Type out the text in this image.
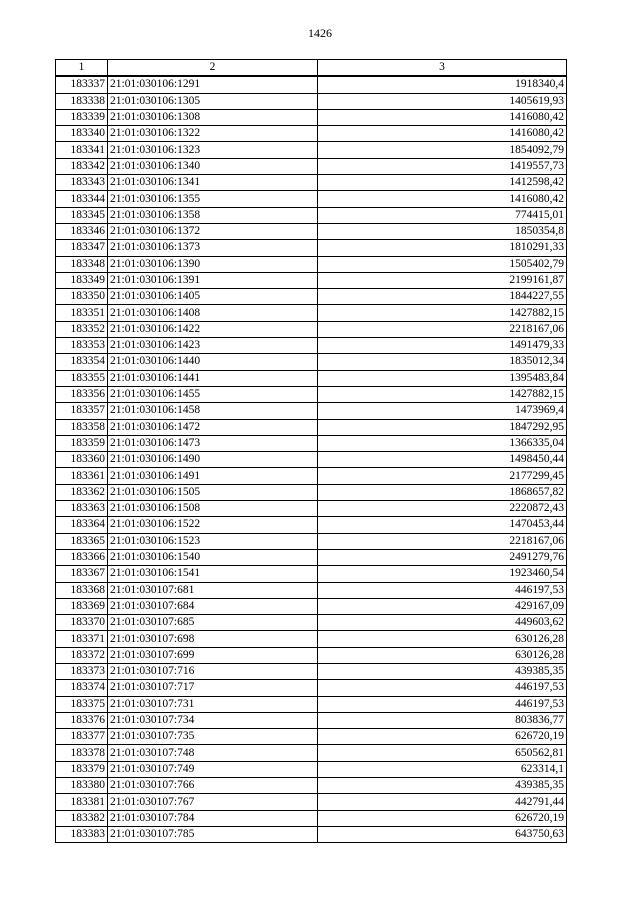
1426
1	2	3
183337	21:01:030106:1291	1918340,4
183338	21:01:030106:1305	1405619,93
183339	21:01:030106:1308	1416080,42
183340	21:01:030106:1322	1416080,42
183341	21:01:030106:1323	1854092,79
183342	21:01:030106:1340	1419557,73
183343	21:01:030106:1341	1412598,42
183344	21:01:030106:1355	1416080,42
183345	21:01:030106:1358	774415,01
183346	21:01:030106:1372	1850354,8
183347	21:01:030106:1373	1810291,33
183348	21:01:030106:1390	1505402,79
183349	21:01:030106:1391	2199161,87
183350	21:01:030106:1405	1844227,55
183351	21:01:030106:1408	1427882,15
183352	21:01:030106:1422	2218167,06
183353	21:01:030106:1423	1491479,33
183354	21:01:030106:1440	1835012,34
183355	21:01:030106:1441	1395483,84
183356	21:01:030106:1455	1427882,15
183357	21:01:030106:1458	1473969,4
183358	21:01:030106:1472	1847292,95
183359	21:01:030106:1473	1366335,04
183360	21:01:030106:1490	1498450,44
183361	21:01:030106:1491	2177299,45
183362	21:01:030106:1505	1868657,82
183363	21:01:030106:1508	2220872,43
183364	21:01:030106:1522	1470453,44
183365	21:01:030106:1523	2218167,06
183366	21:01:030106:1540	2491279,76
183367	21:01:030106:1541	1923460,54
183368	21:01:030107:681	446197,53
183369	21:01:030107:684	429167,09
183370	21:01:030107:685	449603,62
183371	21:01:030107:698	630126,28
183372	21:01:030107:699	630126,28
183373	21:01:030107:716	439385,35
183374	21:01:030107:717	446197,53
183375	21:01:030107:731	446197,53
183376	21:01:030107:734	803836,77
183377	21:01:030107:735	626720,19
183378	21:01:030107:748	650562,81
183379	21:01:030107:749	623314,1
183380	21:01:030107:766	439385,35
183381	21:01:030107:767	442791,44
183382	21:01:030107:784	626720,19
183383	21:01:030107:785	643750,63
